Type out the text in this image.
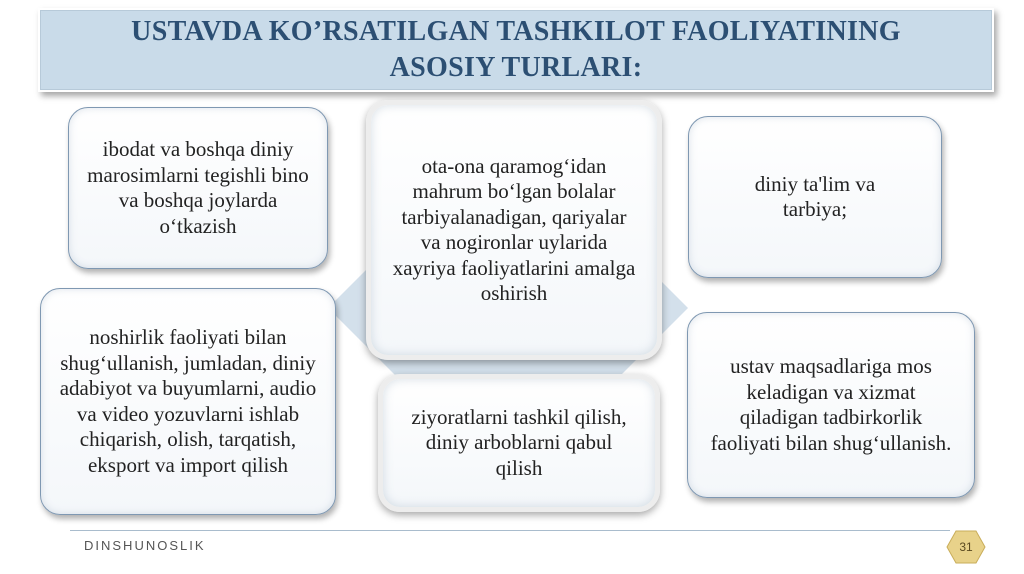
USTAVDA KO’RSATILGAN TASHKILOT FAOLIYATINING ASOSIY TURLARI:
ibodat va boshqa diniy marosimlarni tegishli bino va boshqa joylarda o‘tkazish
ota-ona qaramog‘idan mahrum bo‘lgan bolalar tarbiyalanadigan, qariyalar va nogironlar uylarida xayriya faoliyatlarini amalga oshirish
diniy ta'lim va tarbiya;
noshirlik faoliyati bilan shug‘ullanish, jumladan, diniy adabiyot va buyumlarni, audio va video yozuvlarni ishlab chiqarish, olish, tarqatish, eksport va import qilish
ziyoratlarni tashkil qilish, diniy arboblarni qabul qilish
ustav maqsadlariga mos keladigan va xizmat qiladigan tadbirkorlik faoliyati bilan shug‘ullanish.
DINSHUNOSLIK	31
